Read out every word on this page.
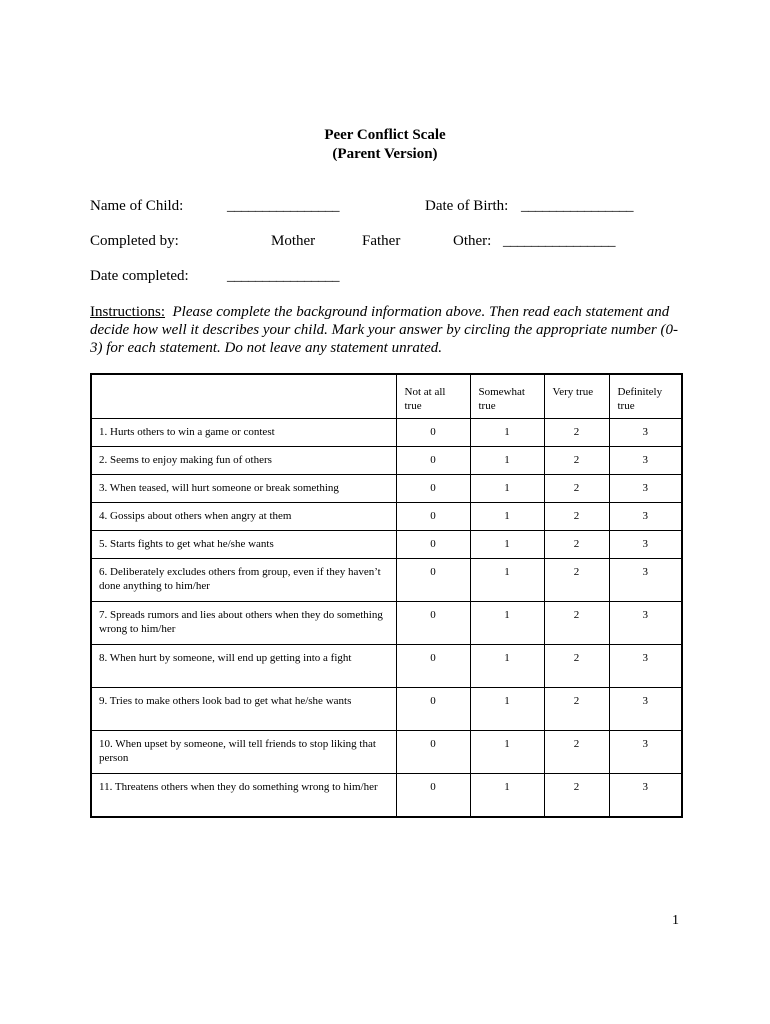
Peer Conflict Scale
(Parent Version)
Name of Child:	________________	Date of Birth: ________________
Completed by:	Mother	Father	Other: ________________
Date completed:	________________
Instructions: Please complete the background information above. Then read each statement and decide how well it describes your child. Mark your answer by circling the appropriate number (0-3) for each statement. Do not leave any statement unrated.
	Not at all true	Somewhat true	Very true	Definitely true
1. Hurts others to win a game or contest	0	1	2	3
2. Seems to enjoy making fun of others	0	1	2	3
3. When teased, will hurt someone or break something	0	1	2	3
4. Gossips about others when angry at them	0	1	2	3
5. Starts fights to get what he/she wants	0	1	2	3
6. Deliberately excludes others from group, even if they haven’t done anything to him/her	0	1	2	3
7. Spreads rumors and lies about others when they do something wrong to him/her	0	1	2	3
8. When hurt by someone, will end up getting into a fight	0	1	2	3
9. Tries to make others look bad to get what he/she wants	0	1	2	3
10. When upset by someone, will tell friends to stop liking that person	0	1	2	3
11. Threatens others when they do something wrong to him/her	0	1	2	3
1
